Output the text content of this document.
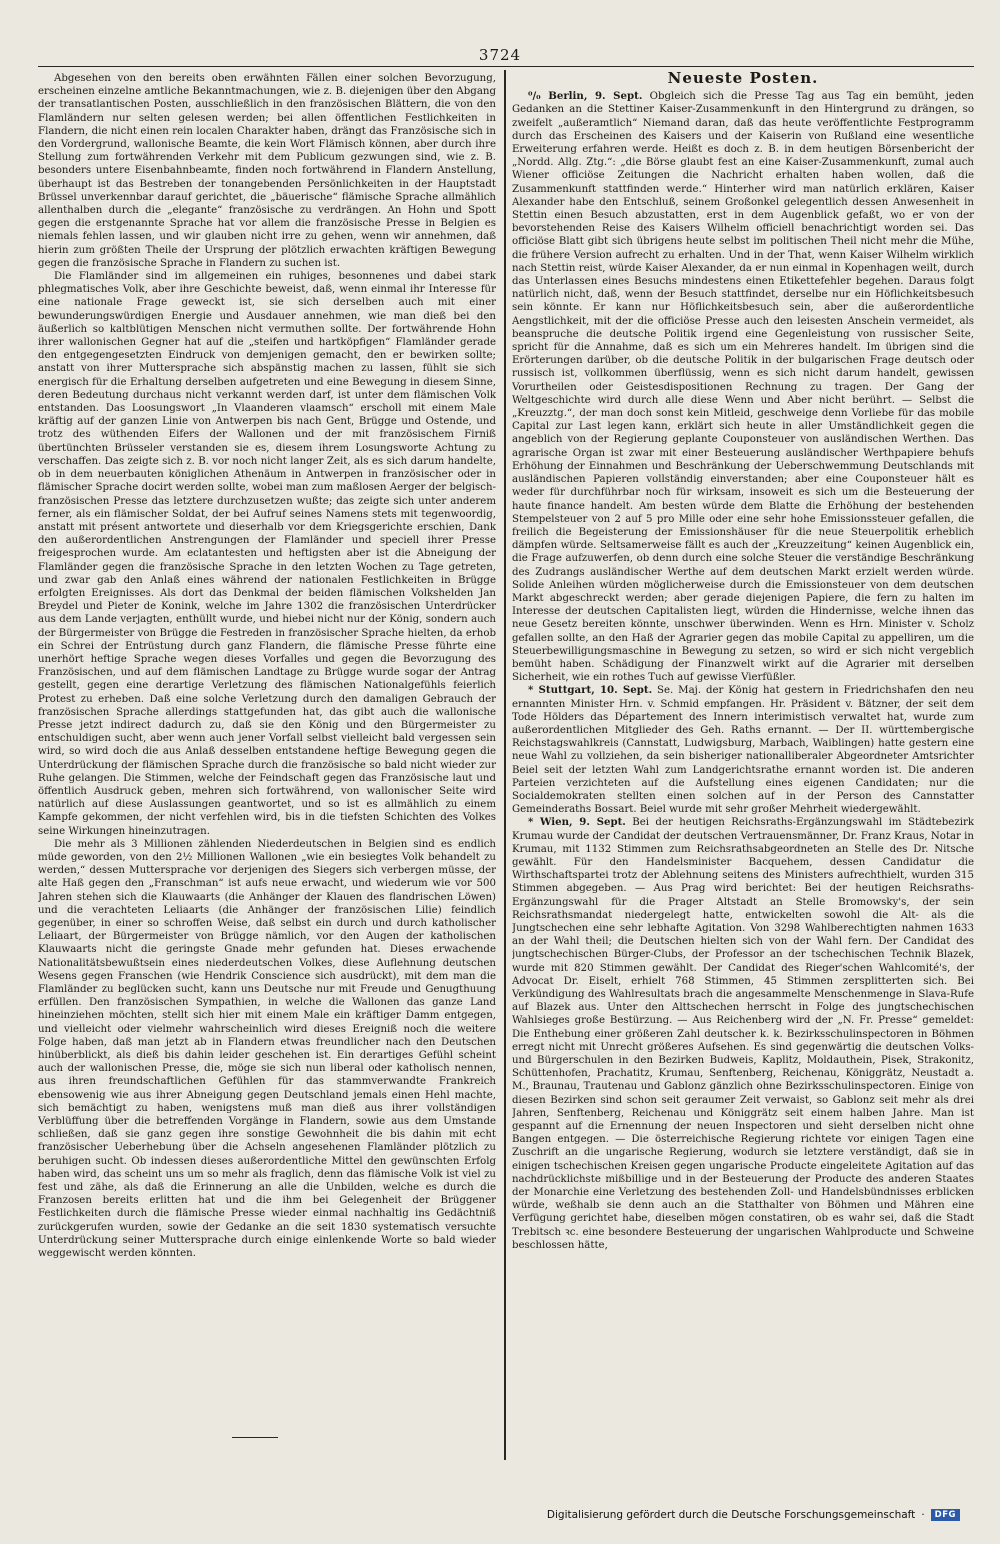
3724

Abgesehen von den bereits oben erwähnten Fällen einer solchen Bevorzugung, erscheinen einzelne amtliche Bekanntmachungen, wie z. B. diejenigen über den Abgang der transatlantischen Posten, ausschließlich in den französischen Blättern, die von den Flamländern nur selten gelesen werden; bei allen öffentlichen Festlichkeiten in Flandern, die nicht einen rein localen Charakter haben, drängt das Französische sich in den Vordergrund, wallonische Beamte, die kein Wort Flämisch können, aber durch ihre Stellung zum fortwährenden Verkehr mit dem Publicum gezwungen sind, wie z. B. besonders untere Eisenbahnbeamte, finden noch fortwährend in Flandern Anstellung, überhaupt ist das Bestreben der tonangebenden Persönlichkeiten in der Hauptstadt Brüssel unverkennbar darauf gerichtet, die „bäuerische“ flämische Sprache allmählich allenthalben durch die „elegante“ französische zu verdrängen. An Hohn und Spott gegen die erstgenannte Sprache hat vor allem die französische Presse in Belgien es niemals fehlen lassen, und wir glauben nicht irre zu gehen, wenn wir annehmen, daß hierin zum größten Theile der Ursprung der plötzlich erwachten kräftigen Bewegung gegen die französische Sprache in Flandern zu suchen ist.

Die Flamländer sind im allgemeinen ein ruhiges, besonnenes und dabei stark phlegmatisches Volk, aber ihre Geschichte beweist, daß, wenn einmal ihr Interesse für eine nationale Frage geweckt ist, sie sich derselben auch mit einer bewunderungswürdigen Energie und Ausdauer annehmen, wie man dieß bei den äußerlich so kaltblütigen Menschen nicht vermuthen sollte. Der fortwährende Hohn ihrer wallonischen Gegner hat auf die „steifen und hartköpfigen“ Flamländer gerade den entgegengesetzten Eindruck von demjenigen gemacht, den er bewirken sollte; anstatt von ihrer Muttersprache sich abspänstig machen zu lassen, fühlt sie sich energisch für die Erhaltung derselben aufgetreten und eine Bewegung in diesem Sinne, deren Bedeutung durchaus nicht verkannt werden darf, ist unter dem flämischen Volk entstanden. Das Loosungswort „In Vlaanderen vlaamsch“ erscholl mit einem Male kräftig auf der ganzen Linie von Antwerpen bis nach Gent, Brügge und Ostende, und trotz des wüthenden Eifers der Wallonen und der mit französischem Firniß übertünchten Brüsseler verstanden sie es, diesem ihrem Losungsworte Achtung zu verschaffen. Das zeigte sich z. B. vor noch nicht langer Zeit, als es sich darum handelte, ob in dem neuerbauten königlichen Athenäum in Antwerpen in französischer oder in flämischer Sprache docirt werden sollte, wobei man zum maßlosen Aerger der belgisch-französischen Presse das letztere durchzusetzen wußte; das zeigte sich unter anderem ferner, als ein flämischer Soldat, der bei Aufruf seines Namens stets mit tegenwoordig, anstatt mit présent antwortete und dieserhalb vor dem Kriegsgerichte erschien, Dank den außerordentlichen Anstrengungen der Flamländer und speciell ihrer Presse freigesprochen wurde. Am eclatantesten und heftigsten aber ist die Abneigung der Flamländer gegen die französische Sprache in den letzten Wochen zu Tage getreten, und zwar gab den Anlaß eines während der nationalen Festlichkeiten in Brügge erfolgten Ereignisses. Als dort das Denkmal der beiden flämischen Volkshelden Jan Breydel und Pieter de Konink, welche im Jahre 1302 die französischen Unterdrücker aus dem Lande verjagten, enthüllt wurde, und hiebei nicht nur der König, sondern auch der Bürgermeister von Brügge die Festreden in französischer Sprache hielten, da erhob ein Schrei der Entrüstung durch ganz Flandern, die flämische Presse führte eine unerhört heftige Sprache wegen dieses Vorfalles und gegen die Bevorzugung des Französischen, und auf dem flämischen Landtage zu Brügge wurde sogar der Antrag gestellt, gegen eine derartige Verletzung des flämischen Nationalgefühls feierlich Protest zu erheben. Daß eine solche Verletzung durch den damaligen Gebrauch der französischen Sprache allerdings stattgefunden hat, das gibt auch die wallonische Presse jetzt indirect dadurch zu, daß sie den König und den Bürgermeister zu entschuldigen sucht, aber wenn auch jener Vorfall selbst vielleicht bald vergessen sein wird, so wird doch die aus Anlaß desselben entstandene heftige Bewegung gegen die Unterdrückung der flämischen Sprache durch die französische so bald nicht wieder zur Ruhe gelangen. Die Stimmen, welche der Feindschaft gegen das Französische laut und öffentlich Ausdruck geben, mehren sich fortwährend, von wallonischer Seite wird natürlich auf diese Auslassungen geantwortet, und so ist es allmählich zu einem Kampfe gekommen, der nicht verfehlen wird, bis in die tiefsten Schichten des Volkes seine Wirkungen hineinzutragen.

Die mehr als 3 Millionen zählenden Niederdeutschen in Belgien sind es endlich müde geworden, von den 2½ Millionen Wallonen „wie ein besiegtes Volk behandelt zu werden,“ dessen Muttersprache vor derjenigen des Siegers sich verbergen müsse, der alte Haß gegen den „Franschman“ ist aufs neue erwacht, und wiederum wie vor 500 Jahren stehen sich die Klauwaarts (die Anhänger der Klauen des flandrischen Löwen) und die verachteten Leliaarts (die Anhänger der französischen Lilie) feindlich gegenüber, in einer so schroffen Weise, daß selbst ein durch und durch katholischer Leliaart, der Bürgermeister von Brügge nämlich, vor den Augen der katholischen Klauwaarts nicht die geringste Gnade mehr gefunden hat. Dieses erwachende Nationalitätsbewußtsein eines niederdeutschen Volkes, diese Auflehnung deutschen Wesens gegen Franschen (wie Hendrik Conscience sich ausdrückt), mit dem man die Flamländer zu beglücken sucht, kann uns Deutsche nur mit Freude und Genugthuung erfüllen. Den französischen Sympathien, in welche die Wallonen das ganze Land hineinziehen möchten, stellt sich hier mit einem Male ein kräftiger Damm entgegen, und vielleicht oder vielmehr wahrscheinlich wird dieses Ereigniß noch die weitere Folge haben, daß man jetzt ab in Flandern etwas freundlicher nach den Deutschen hinüberblickt, als dieß bis dahin leider geschehen ist. Ein derartiges Gefühl scheint auch der wallonischen Presse, die, möge sie sich nun liberal oder katholisch nennen, aus ihren freundschaftlichen Gefühlen für das stammverwandte Frankreich ebensowenig wie aus ihrer Abneigung gegen Deutschland jemals einen Hehl machte, sich bemächtigt zu haben, wenigstens muß man dieß aus ihrer vollständigen Verblüffung über die betreffenden Vorgänge in Flandern, sowie aus dem Umstande schließen, daß sie ganz gegen ihre sonstige Gewohnheit die bis dahin mit echt französischer Ueberhebung über die Achseln angesehenen Flamländer plötzlich zu beruhigen sucht. Ob indessen dieses außerordentliche Mittel den gewünschten Erfolg haben wird, das scheint uns um so mehr als fraglich, denn das flämische Volk ist viel zu fest und zähe, als daß die Erinnerung an alle die Unbilden, welche es durch die Franzosen bereits erlitten hat und die ihm bei Gelegenheit der Brüggener Festlichkeiten durch die flämische Presse wieder einmal nachhaltig ins Gedächtniß zurückgerufen wurden, sowie der Gedanke an die seit 1830 systematisch versuchte Unterdrückung seiner Muttersprache durch einige einlenkende Worte so bald wieder weggewischt werden könnten.

Neueste Posten.

⁰/₀ Berlin, 9. Sept. Obgleich sich die Presse Tag aus Tag ein bemüht, jeden Gedanken an die Stettiner Kaiser-Zusammenkunft in den Hintergrund zu drängen, so zweifelt „außeramtlich“ Niemand daran, daß das heute veröffentlichte Festprogramm durch das Erscheinen des Kaisers und der Kaiserin von Rußland eine wesentliche Erweiterung erfahren werde. Heißt es doch z. B. in dem heutigen Börsenbericht der „Nordd. Allg. Ztg.“: „die Börse glaubt fest an eine Kaiser-Zusammenkunft, zumal auch Wiener officiöse Zeitungen die Nachricht erhalten haben wollen, daß die Zusammenkunft stattfinden werde.“ Hinterher wird man natürlich erklären, Kaiser Alexander habe den Entschluß, seinem Großonkel gelegentlich dessen Anwesenheit in Stettin einen Besuch abzustatten, erst in dem Augenblick gefaßt, wo er von der bevorstehenden Reise des Kaisers Wilhelm officiell benachrichtigt worden sei. Das officiöse Blatt gibt sich übrigens heute selbst im politischen Theil nicht mehr die Mühe, die frühere Version aufrecht zu erhalten. Und in der That, wenn Kaiser Wilhelm wirklich nach Stettin reist, würde Kaiser Alexander, da er nun einmal in Kopenhagen weilt, durch das Unterlassen eines Besuchs mindestens einen Etikettefehler begehen. Daraus folgt natürlich nicht, daß, wenn der Besuch stattfindet, derselbe nur ein Höflichkeitsbesuch sein könnte. Er kann nur Höflichkeitsbesuch sein, aber die außerordentliche Aengstlichkeit, mit der die officiöse Presse auch den leisesten Anschein vermeidet, als beanspruche die deutsche Politik irgend eine Gegenleistung von russischer Seite, spricht für die Annahme, daß es sich um ein Mehreres handelt. Im übrigen sind die Erörterungen darüber, ob die deutsche Politik in der bulgarischen Frage deutsch oder russisch ist, vollkommen überflüssig, wenn es sich nicht darum handelt, gewissen Vorurtheilen oder Geistesdispositionen Rechnung zu tragen. Der Gang der Weltgeschichte wird durch alle diese Wenn und Aber nicht berührt. — Selbst die „Kreuzztg.“, der man doch sonst kein Mitleid, geschweige denn Vorliebe für das mobile Capital zur Last legen kann, erklärt sich heute in aller Umständlichkeit gegen die angeblich von der Regierung geplante Couponsteuer von ausländischen Werthen. Das agrarische Organ ist zwar mit einer Besteuerung ausländischer Werthpapiere behufs Erhöhung der Einnahmen und Beschränkung der Ueberschwemmung Deutschlands mit ausländischen Papieren vollständig einverstanden; aber eine Couponsteuer hält es weder für durchführbar noch für wirksam, insoweit es sich um die Besteuerung der haute finance handelt. Am besten würde dem Blatte die Erhöhung der bestehenden Stempelsteuer von 2 auf 5 pro Mille oder eine sehr hohe Emissionssteuer gefallen, die freilich die Begeisterung der Emissionshäuser für die neue Steuerpolitik erheblich dämpfen würde. Seltsamerweise fällt es auch der „Kreuzzeitung“ keinen Augenblick ein, die Frage aufzuwerfen, ob denn durch eine solche Steuer die verständige Beschränkung des Zudrangs ausländischer Werthe auf dem deutschen Markt erzielt werden würde. Solide Anleihen würden möglicherweise durch die Emissionsteuer von dem deutschen Markt abgeschreckt werden; aber gerade diejenigen Papiere, die fern zu halten im Interesse der deutschen Capitalisten liegt, würden die Hindernisse, welche ihnen das neue Gesetz bereiten könnte, unschwer überwinden. Wenn es Hrn. Minister v. Scholz gefallen sollte, an den Haß der Agrarier gegen das mobile Capital zu appelliren, um die Steuerbewilligungsmaschine in Bewegung zu setzen, so wird er sich nicht vergeblich bemüht haben. Schädigung der Finanzwelt wirkt auf die Agrarier mit derselben Sicherheit, wie ein rothes Tuch auf gewisse Vierfüßler.

* Stuttgart, 10. Sept. Se. Maj. der König hat gestern in Friedrichshafen den neu ernannten Minister Hrn. v. Schmid empfangen. Hr. Präsident v. Bätzner, der seit dem Tode Hölders das Département des Innern interimistisch verwaltet hat, wurde zum außerordentlichen Mitglieder des Geh. Raths ernannt. — Der II. württembergische Reichstagswahlkreis (Cannstatt, Ludwigsburg, Marbach, Waiblingen) hatte gestern eine neue Wahl zu vollziehen, da sein bisheriger nationalliberaler Abgeordneter Amtsrichter Beiel seit der letzten Wahl zum Landgerichtsrathe ernannt worden ist. Die anderen Parteien verzichteten auf die Aufstellung eines eigenen Candidaten; nur die Socialdemokraten stellten einen solchen auf in der Person des Cannstatter Gemeinderaths Bossart. Beiel wurde mit sehr großer Mehrheit wiedergewählt.

* Wien, 9. Sept. Bei der heutigen Reichsraths-Ergänzungswahl im Städtebezirk Krumau wurde der Candidat der deutschen Vertrauensmänner, Dr. Franz Kraus, Notar in Krumau, mit 1132 Stimmen zum Reichsrathsabgeordneten an Stelle des Dr. Nitsche gewählt. Für den Handelsminister Bacquehem, dessen Candidatur die Wirthschaftspartei trotz der Ablehnung seitens des Ministers aufrechthielt, wurden 315 Stimmen abgegeben. — Aus Prag wird berichtet: Bei der heutigen Reichsraths-Ergänzungswahl für die Prager Altstadt an Stelle Bromowsky's, der sein Reichsrathsmandat niedergelegt hatte, entwickelten sowohl die Alt- als die Jungtschechen eine sehr lebhafte Agitation. Von 3298 Wahlberechtigten nahmen 1633 an der Wahl theil; die Deutschen hielten sich von der Wahl fern. Der Candidat des jungtschechischen Bürger-Clubs, der Professor an der tschechischen Technik Blazek, wurde mit 820 Stimmen gewählt. Der Candidat des Rieger'schen Wahlcomité's, der Advocat Dr. Eiselt, erhielt 768 Stimmen, 45 Stimmen zersplitterten sich. Bei Verkündigung des Wahlresultats brach die angesammelte Menschenmenge in Slava-Rufe auf Blazek aus. Unter den Alttschechen herrscht in Folge des jungtschechischen Wahlsieges große Bestürzung. — Aus Reichenberg wird der „N. Fr. Presse“ gemeldet: Die Enthebung einer größeren Zahl deutscher k. k. Bezirksschulinspectoren in Böhmen erregt nicht mit Unrecht größeres Aufsehen. Es sind gegenwärtig die deutschen Volks- und Bürgerschulen in den Bezirken Budweis, Kaplitz, Moldauthein, Pisek, Strakonitz, Schüttenhofen, Prachatitz, Krumau, Senftenberg, Reichenau, Königgrätz, Neustadt a. M., Braunau, Trautenau und Gablonz gänzlich ohne Bezirksschulinspectoren. Einige von diesen Bezirken sind schon seit geraumer Zeit verwaist, so Gablonz seit mehr als drei Jahren, Senftenberg, Reichenau und Königgrätz seit einem halben Jahre. Man ist gespannt auf die Ernennung der neuen Inspectoren und sieht derselben nicht ohne Bangen entgegen. — Die österreichische Regierung richtete vor einigen Tagen eine Zuschrift an die ungarische Regierung, wodurch sie letztere verständigt, daß sie in einigen tschechischen Kreisen gegen ungarische Producte eingeleitete Agitation auf das nachdrücklichste mißbillige und in der Besteuerung der Producte des anderen Staates der Monarchie eine Verletzung des bestehenden Zoll- und Handelsbündnisses erblicken würde, weßhalb sie denn auch an die Statthalter von Böhmen und Mähren eine Verfügung gerichtet habe, dieselben mögen constatiren, ob es wahr sei, daß die Stadt Trebitsch ꝛc. eine besondere Besteuerung der ungarischen Wahlproducte und Schweine beschlossen hätte,

Digitalisierung gefördert durch die Deutsche Forschungsgemeinschaft ·	DFG
